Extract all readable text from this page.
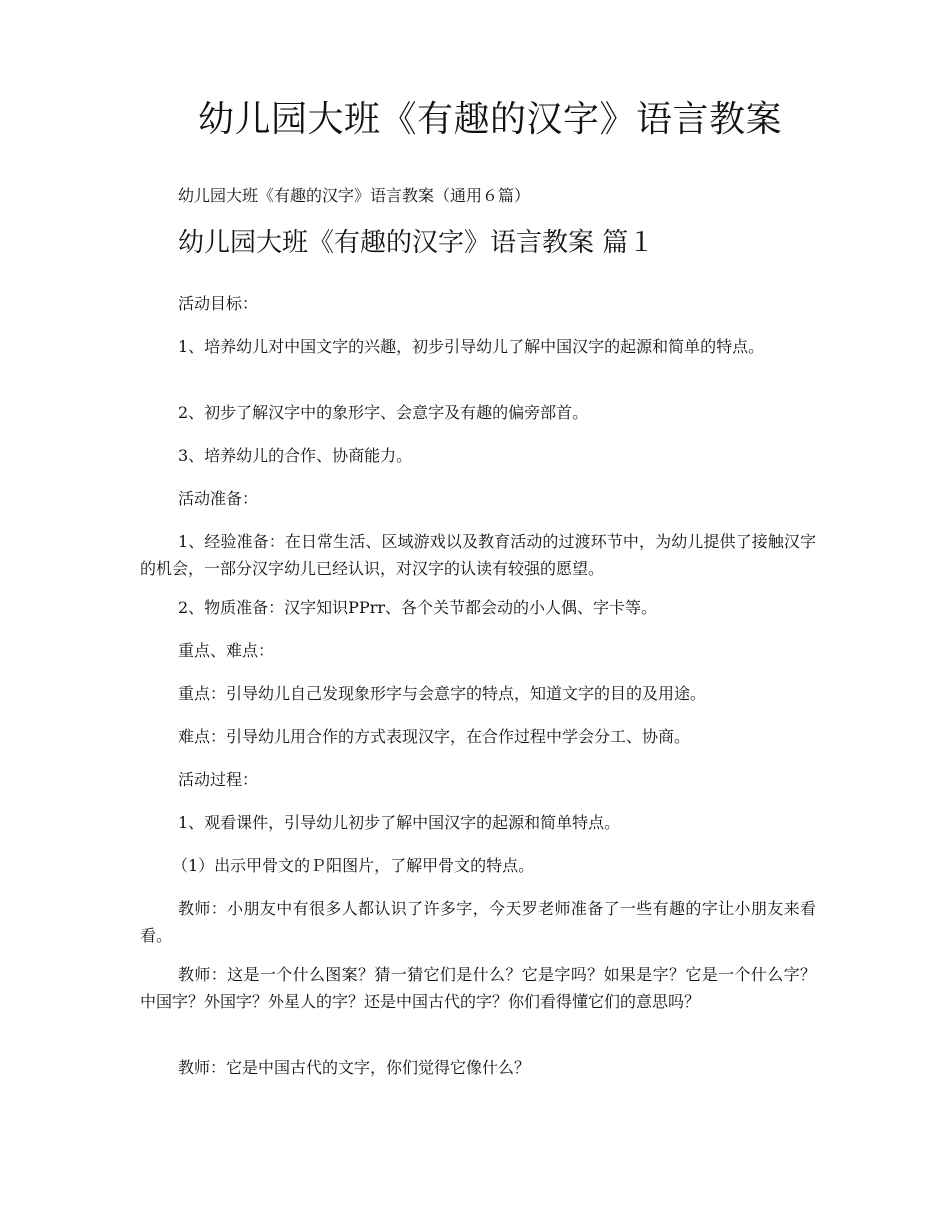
幼儿园大班《有趣的汉字》语言教案

幼儿园大班《有趣的汉字》语言教案（通用６篇）

幼儿园大班《有趣的汉字》语言教案 篇１

活动目标：

1、培养幼儿对中国文字的兴趣，初步引导幼儿了解中国汉字的起源和简单的特点。

2、初步了解汉字中的象形字、会意字及有趣的偏旁部首。

3、培养幼儿的合作、协商能力。

活动准备：

1、经验准备：在日常生活、区域游戏以及教育活动的过渡环节中，为幼儿提供了接触汉字的机会，一部分汉字幼儿已经认识，对汉字的认读有较强的愿望。

2、物质准备：汉字知识PPrr、各个关节都会动的小人偶、字卡等。

重点、难点：

重点：引导幼儿自己发现象形字与会意字的特点，知道文字的目的及用途。

难点：引导幼儿用合作的方式表现汉字，在合作过程中学会分工、协商。

活动过程：

1、观看课件，引导幼儿初步了解中国汉字的起源和简单特点。

（1）出示甲骨文的Ｐ阳图片，了解甲骨文的特点。

教师：小朋友中有很多人都认识了许多字，今天罗老师准备了一些有趣的字让小朋友来看看。

教师：这是一个什么图案？猜一猜它们是什么？它是字吗？如果是字？它是一个什么字？中国字？外国字？外星人的字？还是中国古代的字？你们看得懂它们的意思吗？

教师：它是中国古代的文字，你们觉得它像什么？
